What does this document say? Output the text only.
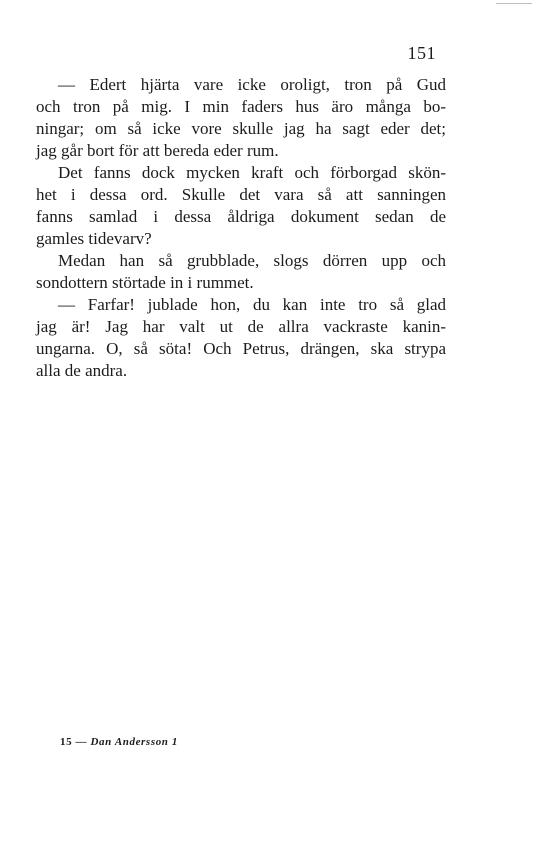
151
— Edert hjärta vare icke oroligt, tron på Gud
och tron på mig. I min faders hus äro många bo-
ningar; om så icke vore skulle jag ha sagt eder det;
jag går bort för att bereda eder rum.
Det fanns dock mycken kraft och förborgad skön-
het i dessa ord. Skulle det vara så att sanningen
fanns samlad i dessa åldriga dokument sedan de
gamles tidevarv?
Medan han så grubblade, slogs dörren upp och
sondottern störtade in i rummet.
— Farfar! jublade hon, du kan inte tro så glad
jag är! Jag har valt ut de allra vackraste kanin-
ungarna. O, så söta! Och Petrus, drängen, ska strypa
alla de andra.
15 — Dan Andersson 1
